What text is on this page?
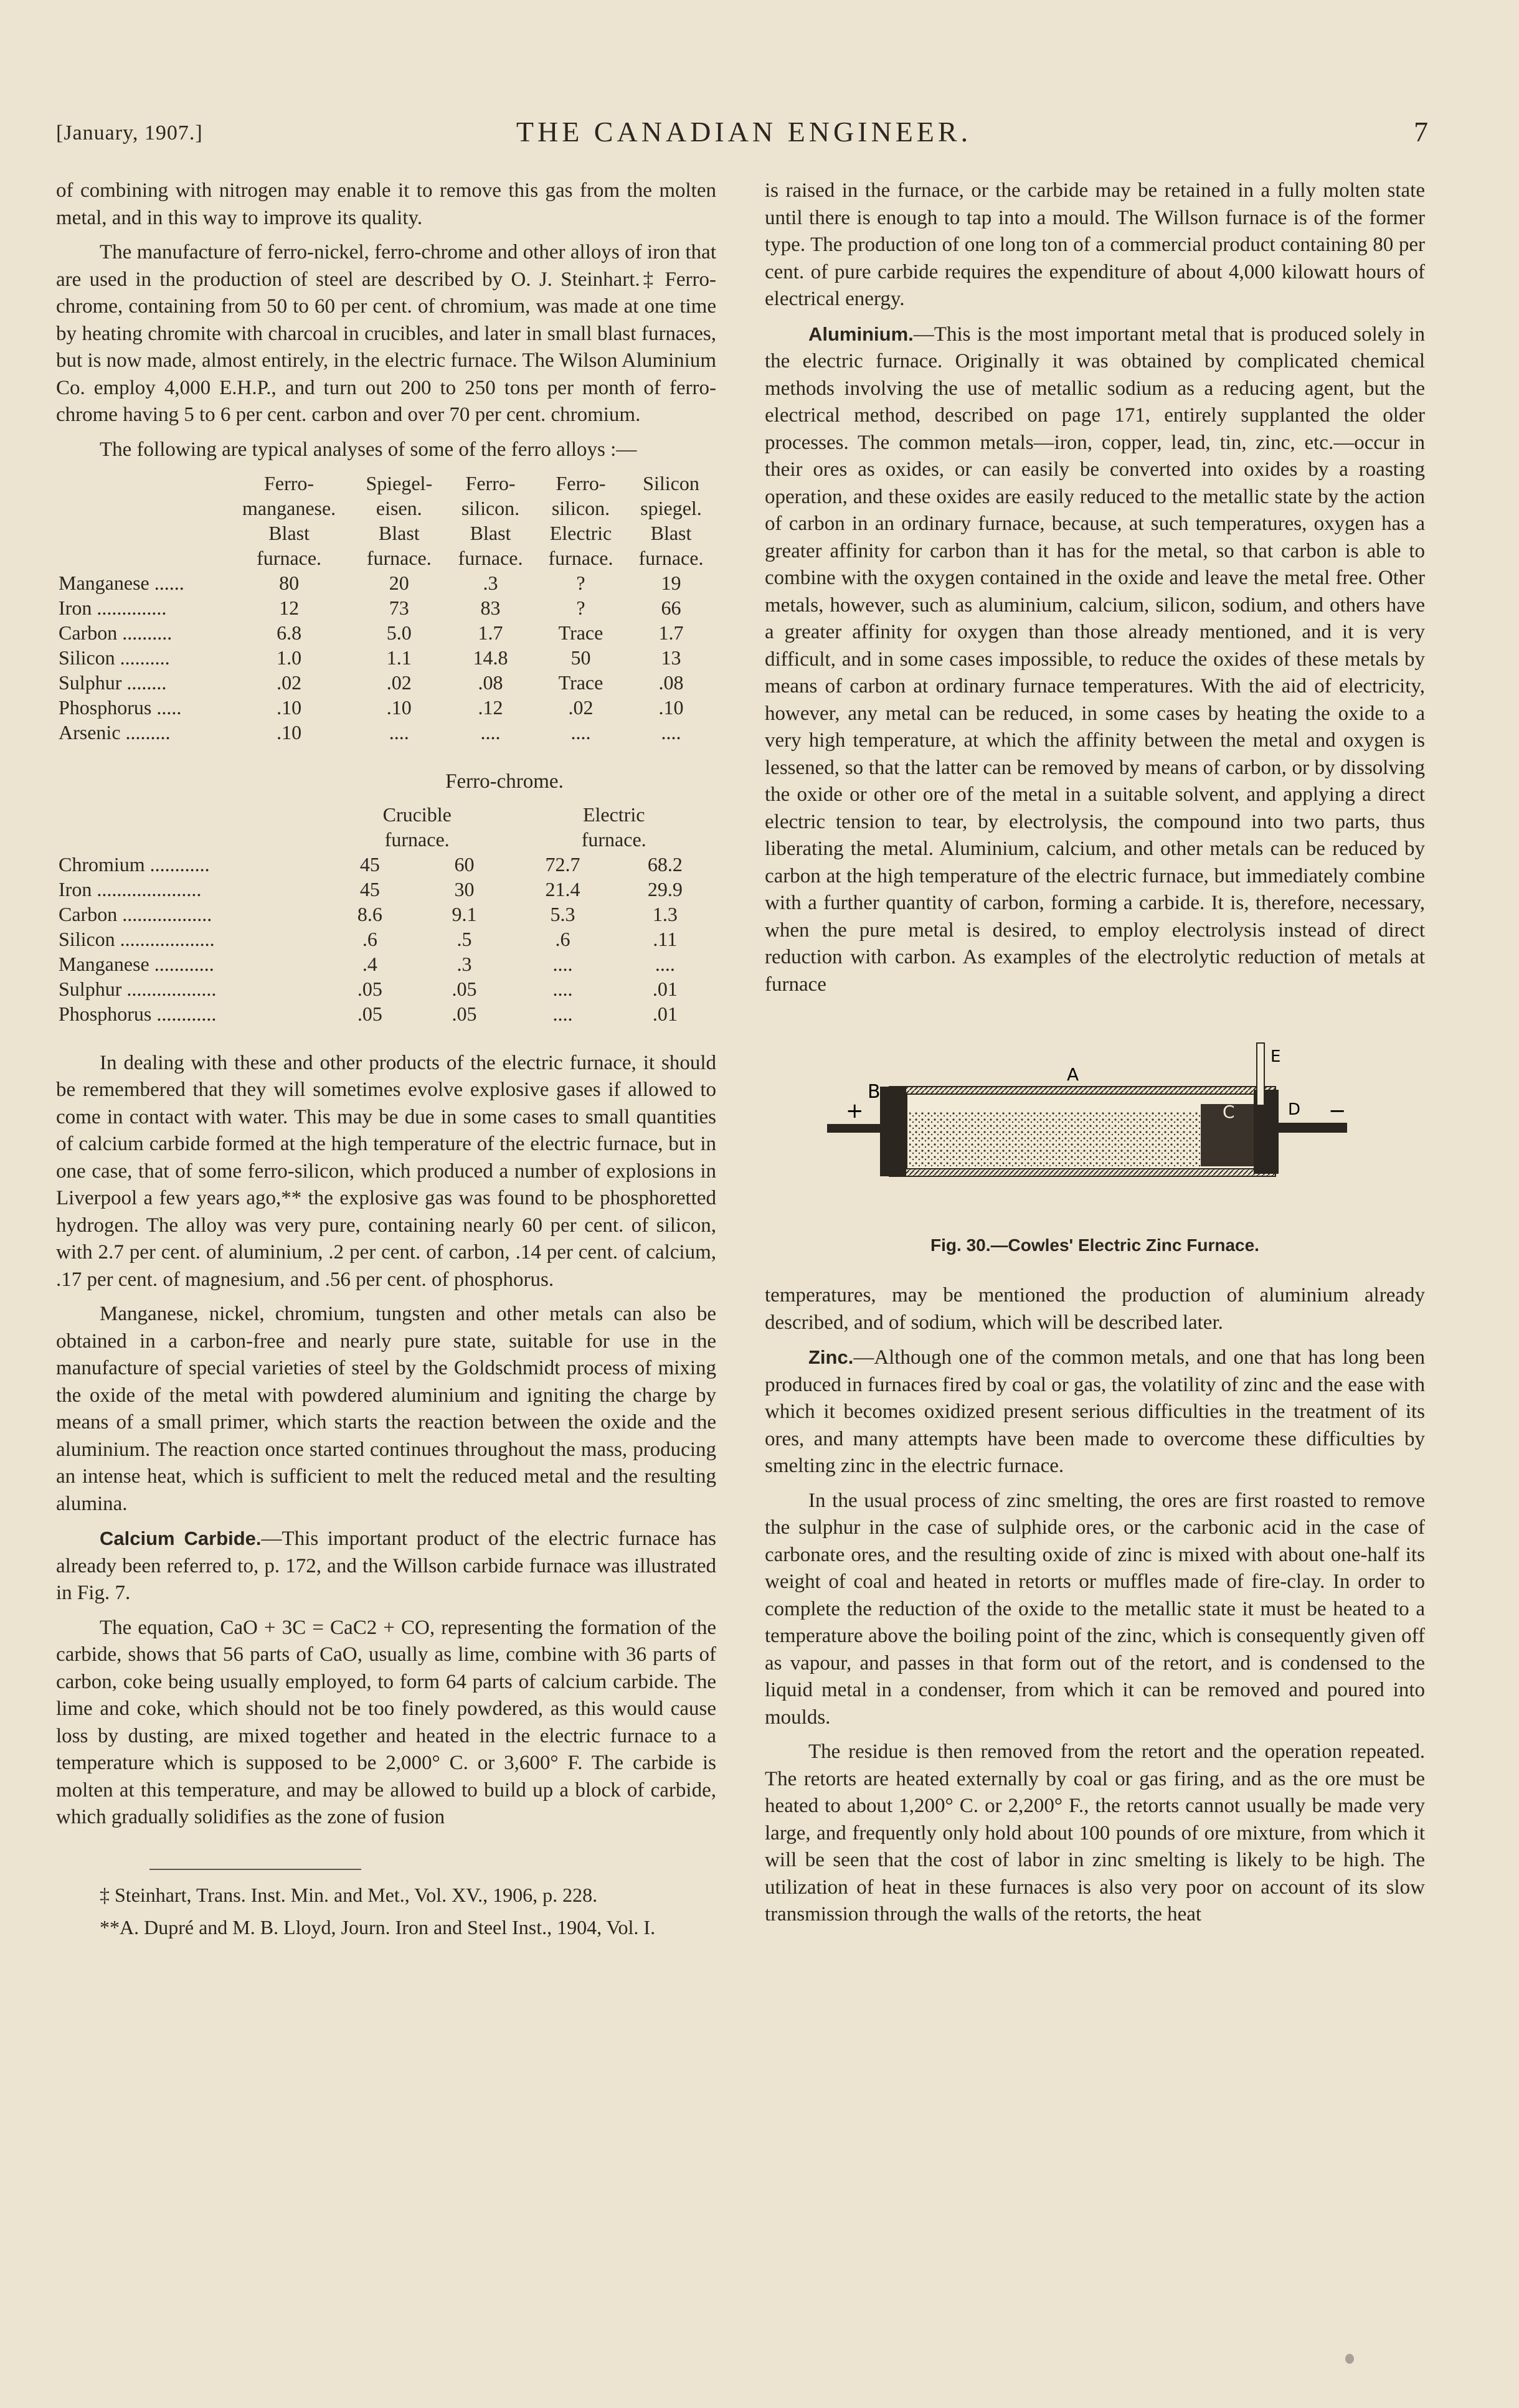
[January, 1907.]	THE CANADIAN ENGINEER.	7

of combining with nitrogen may enable it to remove this gas from the molten metal, and in this way to improve its quality.

The manufacture of ferro-nickel, ferro-chrome and other alloys of iron that are used in the production of steel are described by O. J. Steinhart.‡ Ferro-chrome, containing from 50 to 60 per cent. of chromium, was made at one time by heating chromite with charcoal in crucibles, and later in small blast furnaces, but is now made, almost entirely, in the electric furnace. The Wilson Aluminium Co. employ 4,000 E.H.P., and turn out 200 to 250 tons per month of ferro-chrome having 5 to 6 per cent. carbon and over 70 per cent. chromium.

The following are typical analyses of some of the ferro alloys :—

	Ferro-
manganese.
Blast
furnace.	Spiegel-
eisen.
Blast
furnace.	Ferro-
silicon.
Blast
furnace.	Ferro-
silicon.
Electric
furnace.	Silicon
spiegel.
Blast
furnace.
Manganese ......	80	20	.3	?	19
Iron ..............	12	73	83	?	66
Carbon ..........	6.8	5.0	1.7	Trace	1.7
Silicon ..........	1.0	1.1	14.8	50	13
Sulphur ........	.02	.02	.08	Trace	.08
Phosphorus .....	.10	.10	.12	.02	.10
Arsenic .........	.10	....	....	....	....
Ferro-chrome.
	Crucible
furnace.		Electric
furnace.	
Chromium ............	45	60	72.7	68.2
Iron .....................	45	30	21.4	29.9
Carbon ..................	8.6	9.1	5.3	1.3
Silicon ...................	.6	.5	.6	.11
Manganese ............	.4	.3	....	....
Sulphur ..................	.05	.05	....	.01
Phosphorus ............	.05	.05	....	.01

In dealing with these and other products of the electric furnace, it should be remembered that they will sometimes evolve explosive gases if allowed to come in contact with water. This may be due in some cases to small quantities of calcium carbide formed at the high temperature of the electric furnace, but in one case, that of some ferro-silicon, which produced a number of explosions in Liverpool a few years ago,** the explosive gas was found to be phosphoretted hydrogen. The alloy was very pure, containing nearly 60 per cent. of silicon, with 2.7 per cent. of aluminium, .2 per cent. of carbon, .14 per cent. of calcium, .17 per cent. of magnesium, and .56 per cent. of phosphorus.

Manganese, nickel, chromium, tungsten and other metals can also be obtained in a carbon-free and nearly pure state, suitable for use in the manufacture of special varieties of steel by the Goldschmidt process of mixing the oxide of the metal with powdered aluminium and igniting the charge by means of a small primer, which starts the reaction between the oxide and the aluminium. The reaction once started continues throughout the mass, producing an intense heat, which is sufficient to melt the reduced metal and the resulting alumina.

Calcium Carbide.—This important product of the electric furnace has already been referred to, p. 172, and the Willson carbide furnace was illustrated in Fig. 7.

The equation, CaO + 3C = CaC2 + CO, representing the formation of the carbide, shows that 56 parts of CaO, usually as lime, combine with 36 parts of carbon, coke being usually employed, to form 64 parts of calcium carbide. The lime and coke, which should not be too finely powdered, as this would cause loss by dusting, are mixed together and heated in the electric furnace to a temperature which is supposed to be 2,000° C. or 3,600° F. The carbide is molten at this temperature, and may be allowed to build up a block of carbide, which gradually solidifies as the zone of fusion

‡ Steinhart, Trans. Inst. Min. and Met., Vol. XV., 1906, p. 228.

**A. Dupré and M. B. Lloyd, Journ. Iron and Steel Inst., 1904, Vol. I.

is raised in the furnace, or the carbide may be retained in a fully molten state until there is enough to tap into a mould. The Willson furnace is of the former type. The production of one long ton of a commercial product containing 80 per cent. of pure carbide requires the expenditure of about 4,000 kilowatt hours of electrical energy.

Aluminium.—This is the most important metal that is produced solely in the electric furnace. Originally it was obtained by complicated chemical methods involving the use of metallic sodium as a reducing agent, but the electrical method, described on page 171, entirely supplanted the older processes. The common metals—iron, copper, lead, tin, zinc, etc.—occur in their ores as oxides, or can easily be converted into oxides by a roasting operation, and these oxides are easily reduced to the metallic state by the action of carbon in an ordinary furnace, because, at such temperatures, oxygen has a greater affinity for carbon than it has for the metal, so that carbon is able to combine with the oxygen contained in the oxide and leave the metal free. Other metals, however, such as aluminium, calcium, silicon, sodium, and others have a greater affinity for oxygen than those already mentioned, and it is very difficult, and in some cases impossible, to reduce the oxides of these metals by means of carbon at ordinary furnace temperatures. With the aid of electricity, however, any metal can be reduced, in some cases by heating the oxide to a very high temperature, at which the affinity between the metal and oxygen is lessened, so that the latter can be removed by means of carbon, or by dissolving the oxide or other ore of the metal in a suitable solvent, and applying a direct electric tension to tear, by electrolysis, the compound into two parts, thus liberating the metal. Aluminium, calcium, and other metals can be reduced by carbon at the high temperature of the electric furnace, but immediately combine with a further quantity of carbon, forming a carbide. It is, therefore, necessary, when the pure metal is desired, to employ electrolysis instead of direct reduction with carbon. As examples of the electrolytic reduction of metals at furnace

+	−
B
A
C	D
E
Fig. 30.—Cowles' Electric Zinc Furnace.

temperatures, may be mentioned the production of aluminium already described, and of sodium, which will be described later.

Zinc.—Although one of the common metals, and one that has long been produced in furnaces fired by coal or gas, the volatility of zinc and the ease with which it becomes oxidized present serious difficulties in the treatment of its ores, and many attempts have been made to overcome these difficulties by smelting zinc in the electric furnace.

In the usual process of zinc smelting, the ores are first roasted to remove the sulphur in the case of sulphide ores, or the carbonic acid in the case of carbonate ores, and the resulting oxide of zinc is mixed with about one-half its weight of coal and heated in retorts or muffles made of fire-clay. In order to complete the reduction of the oxide to the metallic state it must be heated to a temperature above the boiling point of the zinc, which is consequently given off as vapour, and passes in that form out of the retort, and is condensed to the liquid metal in a condenser, from which it can be removed and poured into moulds.

The residue is then removed from the retort and the operation repeated. The retorts are heated externally by coal or gas firing, and as the ore must be heated to about 1,200° C. or 2,200° F., the retorts cannot usually be made very large, and frequently only hold about 100 pounds of ore mixture, from which it will be seen that the cost of labor in zinc smelting is likely to be high. The utilization of heat in these furnaces is also very poor on account of its slow transmission through the walls of the retorts, the heat
